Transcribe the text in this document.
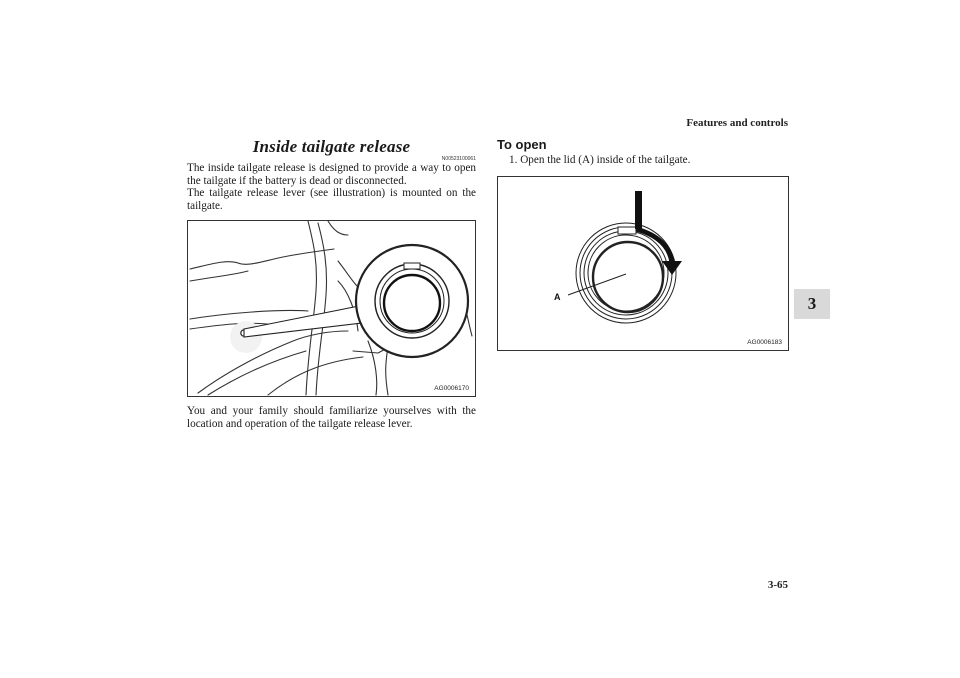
Features and controls
3
Inside tailgate release
N00523100061

The inside tailgate release is designed to provide a way to open the tailgate if the battery is dead or disconnected.

The tailgate release lever (see illustration) is mounted on the tailgate.

AG0006170

You and your family should familiarize yourselves with the location and operation of the tailgate release lever.

To open

1. Open the lid (A) inside of the tailgate.

A
AG0006183
3-65
